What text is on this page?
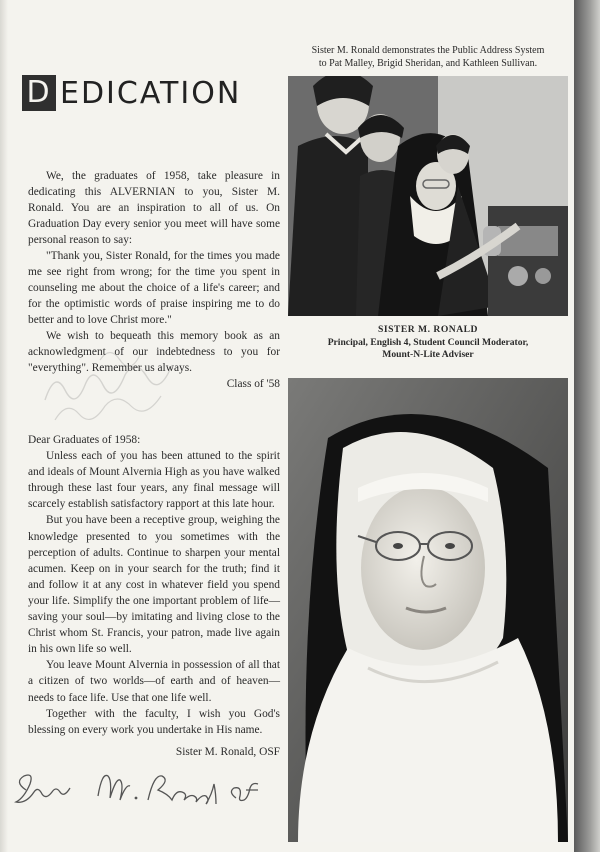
D EDICATION

We, the graduates of 1958, take pleasure in dedicating this ALVERNIAN to you, Sister M. Ronald. You are an inspiration to all of us. On Graduation Day every senior you meet will have some personal reason to say:

"Thank you, Sister Ronald, for the times you made me see right from wrong; for the time you spent in counseling me about the choice of a life's career; and for the optimistic words of praise inspiring me to do better and to love Christ more."

We wish to bequeath this memory book as an acknowledgment of our indebtedness to you for "everything". Remember us always.

Class of '58

Dear Graduates of 1958:

Unless each of you has been attuned to the spirit and ideals of Mount Alvernia High as you have walked through these last four years, any final message will scarcely establish satisfactory rapport at this late hour.

But you have been a receptive group, weighing the knowledge presented to you sometimes with the perception of adults. Continue to sharpen your mental acumen. Keep on in your search for the truth; find it and follow it at any cost in whatever field you spend your life. Simplify the one important problem of life—saving your soul—by imitating and living close to the Christ whom St. Francis, your patron, made live again in his own life so well.

You leave Mount Alvernia in possession of all that a citizen of two worlds—of earth and of heaven—needs to face life. Use that one life well.

Together with the faculty, I wish you God's blessing on every work you undertake in His name.

Sister M. Ronald, OSF
Sister M. Ronald demonstrates the Public Address System
to Pat Malley, Brigid Sheridan, and Kathleen Sullivan.
SISTER M. RONALD
Principal, English 4, Student Council Moderator,
Mount-N-Lite Adviser
